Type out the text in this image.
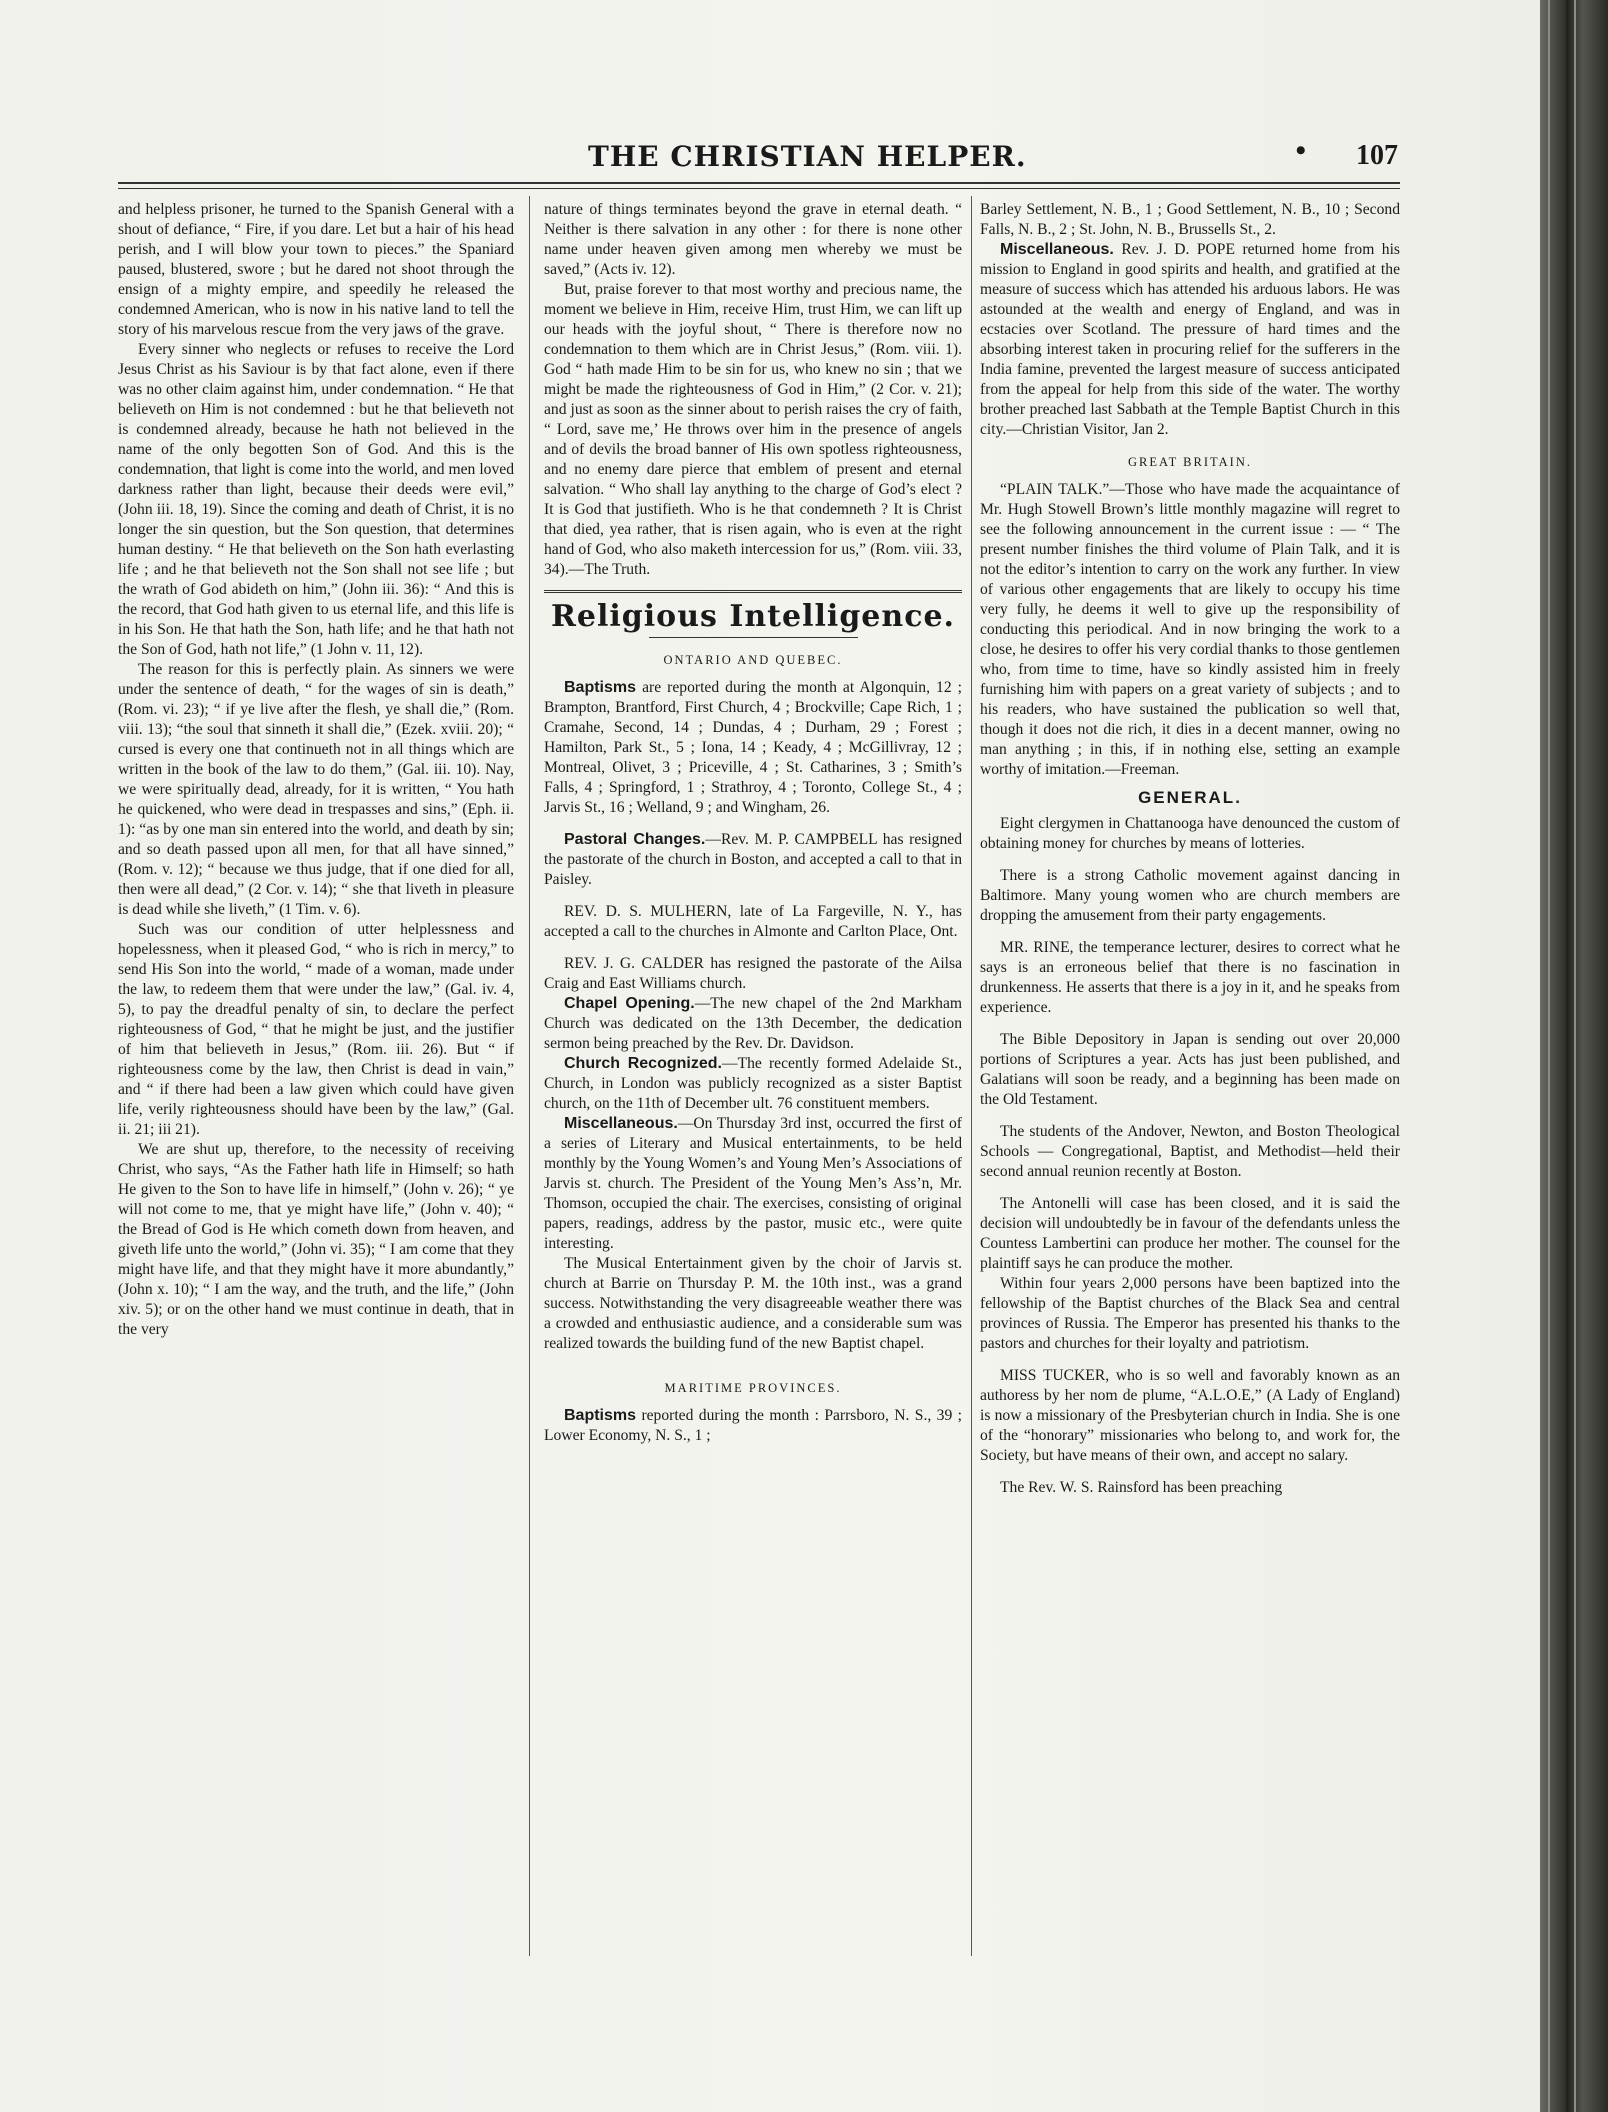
THE CHRISTIAN HELPER.	• 107

and helpless prisoner, he turned to the Spanish General with a shout of defiance, “ Fire, if you dare. Let but a hair of his head perish, and I will blow your town to pieces.” the Spaniard paused, blustered, swore ; but he dared not shoot through the ensign of a mighty empire, and speedily he released the condemned American, who is now in his native land to tell the story of his marvelous rescue from the very jaws of the grave.

Every sinner who neglects or refuses to receive the Lord Jesus Christ as his Saviour is by that fact alone, even if there was no other claim against him, under condemnation. “ He that believeth on Him is not condemned : but he that believeth not is condemned already, because he hath not believed in the name of the only begotten Son of God. And this is the condemnation, that light is come into the world, and men loved darkness rather than light, because their deeds were evil,” (John iii. 18, 19). Since the coming and death of Christ, it is no longer the sin question, but the Son question, that determines human destiny. “ He that believeth on the Son hath everlasting life ; and he that believeth not the Son shall not see life ; but the wrath of God abideth on him,” (John iii. 36): “ And this is the record, that God hath given to us eternal life, and this life is in his Son. He that hath the Son, hath life; and he that hath not the Son of God, hath not life,” (1 John v. 11, 12).

The reason for this is perfectly plain. As sinners we were under the sentence of death, “ for the wages of sin is death,” (Rom. vi. 23); “ if ye live after the flesh, ye shall die,” (Rom. viii. 13); “the soul that sinneth it shall die,” (Ezek. xviii. 20); “ cursed is every one that continueth not in all things which are written in the book of the law to do them,” (Gal. iii. 10). Nay, we were spiritually dead, already, for it is written, “ You hath he quickened, who were dead in trespasses and sins,” (Eph. ii. 1): “as by one man sin entered into the world, and death by sin; and so death passed upon all men, for that all have sinned,” (Rom. v. 12); “ because we thus judge, that if one died for all, then were all dead,” (2 Cor. v. 14); “ she that liveth in pleasure is dead while she liveth,” (1 Tim. v. 6).

Such was our condition of utter helplessness and hopelessness, when it pleased God, “ who is rich in mercy,” to send His Son into the world, “ made of a woman, made under the law, to redeem them that were under the law,” (Gal. iv. 4, 5), to pay the dreadful penalty of sin, to declare the perfect righteousness of God, “ that he might be just, and the justifier of him that believeth in Jesus,” (Rom. iii. 26). But “ if righteousness come by the law, then Christ is dead in vain,” and “ if there had been a law given which could have given life, verily righteousness should have been by the law,” (Gal. ii. 21; iii 21).

We are shut up, therefore, to the necessity of receiving Christ, who says, “As the Father hath life in Himself; so hath He given to the Son to have life in himself,” (John v. 26); “ ye will not come to me, that ye might have life,” (John v. 40); “ the Bread of God is He which cometh down from heaven, and giveth life unto the world,” (John vi. 35); “ I am come that they might have life, and that they might have it more abundantly,” (John x. 10); “ I am the way, and the truth, and the life,” (John xiv. 5); or on the other hand we must continue in death, that in the very

nature of things terminates beyond the grave in eternal death. “ Neither is there salvation in any other : for there is none other name under heaven given among men whereby we must be saved,” (Acts iv. 12).

But, praise forever to that most worthy and precious name, the moment we believe in Him, receive Him, trust Him, we can lift up our heads with the joyful shout, “ There is therefore now no condemnation to them which are in Christ Jesus,” (Rom. viii. 1). God “ hath made Him to be sin for us, who knew no sin ; that we might be made the righteousness of God in Him,” (2 Cor. v. 21); and just as soon as the sinner about to perish raises the cry of faith, “ Lord, save me,’ He throws over him in the presence of angels and of devils the broad banner of His own spotless righteousness, and no enemy dare pierce that emblem of present and eternal salvation. “ Who shall lay anything to the charge of God’s elect ? It is God that justifieth. Who is he that condemneth ? It is Christ that died, yea rather, that is risen again, who is even at the right hand of God, who also maketh intercession for us,” (Rom. viii. 33, 34).—The Truth.

Religious Intelligence.
ONTARIO AND QUEBEC.

Baptisms are reported during the month at Algonquin, 12 ; Brampton, Brantford, First Church, 4 ; Brockville; Cape Rich, 1 ; Cramahe, Second, 14 ; Dundas, 4 ; Durham, 29 ; Forest ; Hamilton, Park St., 5 ; Iona, 14 ; Keady, 4 ; McGillivray, 12 ; Montreal, Olivet, 3 ; Priceville, 4 ; St. Catharines, 3 ; Smith’s Falls, 4 ; Springford, 1 ; Strathroy, 4 ; Toronto, College St., 4 ; Jarvis St., 16 ; Welland, 9 ; and Wingham, 26.

Pastoral Changes.—Rev. M. P. CAMPBELL has resigned the pastorate of the church in Boston, and accepted a call to that in Paisley.

REV. D. S. MULHERN, late of La Fargeville, N. Y., has accepted a call to the churches in Almonte and Carlton Place, Ont.

REV. J. G. CALDER has resigned the pastorate of the Ailsa Craig and East Williams church.

Chapel Opening.—The new chapel of the 2nd Markham Church was dedicated on the 13th December, the dedication sermon being preached by the Rev. Dr. Davidson.

Church Recognized.—The recently formed Adelaide St., Church, in London was publicly recognized as a sister Baptist church, on the 11th of December ult. 76 constituent members.

Miscellaneous.—On Thursday 3rd inst, occurred the first of a series of Literary and Musical entertainments, to be held monthly by the Young Women’s and Young Men’s Associations of Jarvis st. church. The President of the Young Men’s Ass’n, Mr. Thomson, occupied the chair. The exercises, consisting of original papers, readings, address by the pastor, music etc., were quite interesting.

The Musical Entertainment given by the choir of Jarvis st. church at Barrie on Thursday P. M. the 10th inst., was a grand success. Notwithstanding the very disagreeable weather there was a crowded and enthusiastic audience, and a considerable sum was realized towards the building fund of the new Baptist chapel.

MARITIME PROVINCES.

Baptisms reported during the month : Parrsboro, N. S., 39 ; Lower Economy, N. S., 1 ;

Barley Settlement, N. B., 1 ; Good Settlement, N. B., 10 ; Second Falls, N. B., 2 ; St. John, N. B., Brussells St., 2.

Miscellaneous. Rev. J. D. POPE returned home from his mission to England in good spirits and health, and gratified at the measure of success which has attended his arduous labors. He was astounded at the wealth and energy of England, and was in ecstacies over Scotland. The pressure of hard times and the absorbing interest taken in procuring relief for the sufferers in the India famine, prevented the largest measure of success anticipated from the appeal for help from this side of the water. The worthy brother preached last Sabbath at the Temple Baptist Church in this city.—Christian Visitor, Jan 2.

GREAT BRITAIN.

“PLAIN TALK.”—Those who have made the acquaintance of Mr. Hugh Stowell Brown’s little monthly magazine will regret to see the following announcement in the current issue : — “ The present number finishes the third volume of Plain Talk, and it is not the editor’s intention to carry on the work any further. In view of various other engagements that are likely to occupy his time very fully, he deems it well to give up the responsibility of conducting this periodical. And in now bringing the work to a close, he desires to offer his very cordial thanks to those gentlemen who, from time to time, have so kindly assisted him in freely furnishing him with papers on a great variety of subjects ; and to his readers, who have sustained the publication so well that, though it does not die rich, it dies in a decent manner, owing no man anything ; in this, if in nothing else, setting an example worthy of imitation.—Freeman.

GENERAL.

Eight clergymen in Chattanooga have denounced the custom of obtaining money for churches by means of lotteries.

There is a strong Catholic movement against dancing in Baltimore. Many young women who are church members are dropping the amusement from their party engagements.

MR. RINE, the temperance lecturer, desires to correct what he says is an erroneous belief that there is no fascination in drunkenness. He asserts that there is a joy in it, and he speaks from experience.

The Bible Depository in Japan is sending out over 20,000 portions of Scriptures a year. Acts has just been published, and Galatians will soon be ready, and a beginning has been made on the Old Testament.

The students of the Andover, Newton, and Boston Theological Schools — Congregational, Baptist, and Methodist—held their second annual reunion recently at Boston.

The Antonelli will case has been closed, and it is said the decision will undoubtedly be in favour of the defendants unless the Countess Lambertini can produce her mother. The counsel for the plaintiff says he can produce the mother.

Within four years 2,000 persons have been baptized into the fellowship of the Baptist churches of the Black Sea and central provinces of Russia. The Emperor has presented his thanks to the pastors and churches for their loyalty and patriotism.

MISS TUCKER, who is so well and favorably known as an authoress by her nom de plume, “A.L.O.E,” (A Lady of England) is now a missionary of the Presbyterian church in India. She is one of the “honorary” missionaries who belong to, and work for, the Society, but have means of their own, and accept no salary.

The Rev. W. S. Rainsford has been preaching
